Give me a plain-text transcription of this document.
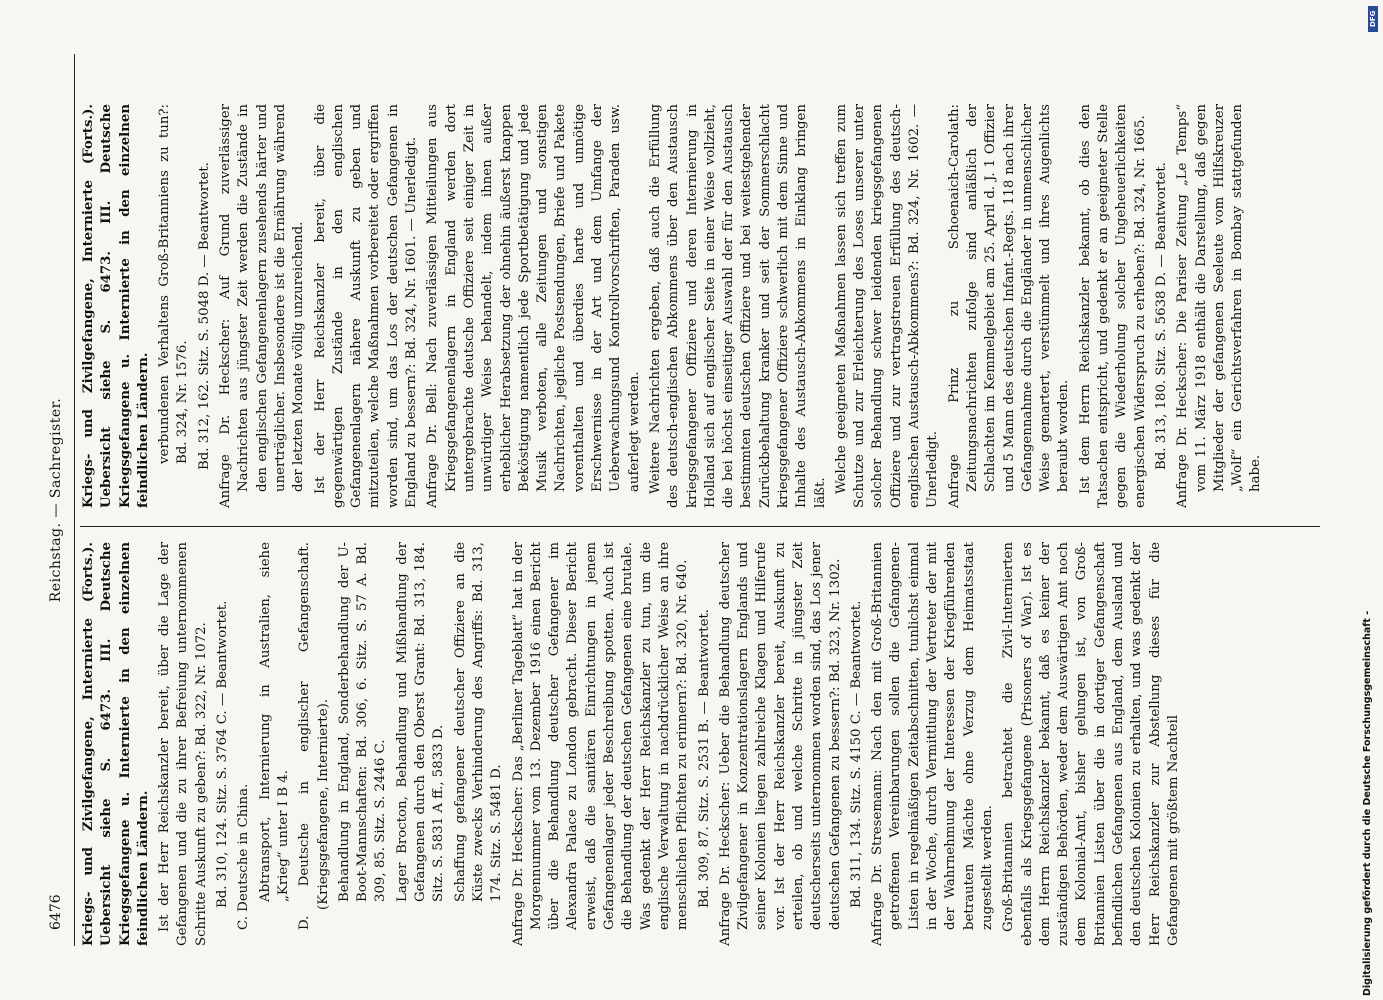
6476
Reichstag. — Sachregister.

Kriegs- und Zivilgefangene, Internierte (Forts.). Uebersicht siehe S. 6473. III. Deutsche Kriegsgefangene u. Internierte in den einzelnen feindlichen Ländern. Ist der Herr Reichskanzler bereit, über die Lage der Gefangenen und die zu ihrer Befreiung unternommenen Schritte Auskunft zu geben?: Bd. 322, Nr. 1072. Bd. 310, 124. Sitz. S. 3764 C. — Beantwortet. C. Deutsche in China. Abtransport, Internierung in Australien, siehe „Krieg“ unter I B 4. D. Deutsche in englischer Gefangenschaft. (Kriegsgefangene, Internierte). Behandlung in England, Sonderbehandlung der U-Boot-Mannschaften: Bd. 306, 6. Sitz. S. 57 A. Bd. 309, 85. Sitz. S. 2446 C. Lager Brocton, Behandlung und Mißhandlung der Gefangenen durch den Oberst Grant: Bd. 313, 184. Sitz. S. 5831 A ff., 5833 D. Schaffung gefangener deutscher Offiziere an die Küste zwecks Verhinderung des Angriffs: Bd. 313, 174. Sitz. S. 5481 D. Anfrage Dr. Heckscher: Das „Berliner Tageblatt“ hat in der Morgennummer vom 13. Dezember 1916 einen Bericht über die Behandlung deutscher Gefangener im Alexandra Palace zu London gebracht. Dieser Bericht erweist, daß die sanitären Einrichtungen in jenem Gefangenenlager jeder Beschreibung spotten. Auch ist die Behandlung der deutschen Gefangenen eine brutale. Was gedenkt der Herr Reichskanzler zu tun, um die englische Verwaltung in nachdrücklicher Weise an ihre menschlichen Pflichten zu erinnern?: Bd. 320, Nr. 640. Bd. 309, 87. Sitz. S. 2531 B. — Beantwortet. Anfrage Dr. Heckscher: Ueber die Behandlung deutscher Zivilgefangener in Konzentrationslagern Englands und seiner Kolonien liegen zahlreiche Klagen und Hilferufe vor. Ist der Herr Reichskanzler bereit, Auskunft zu erteilen, ob und welche Schritte in jüngster Zeit deutscherseits unternommen worden sind, das Los jener deutschen Gefangenen zu bessern?: Bd. 323, Nr. 1302. Bd. 311, 134. Sitz. S. 4150 C. — Beantwortet. Anfrage Dr. Stresemann: Nach den mit Groß-Britannien getroffenen Vereinbarungen sollen die Gefangenen-Listen in regelmäßigen Zeitabschnitten, tunlichst einmal in der Woche, durch Vermittlung der Vertreter der mit der Wahrnehmung der Interessen der Kriegführenden betrauten Mächte ohne Verzug dem Heimatsstaat zugestellt werden. Groß-Britannien betrachtet die Zivil-Internierten ebenfalls als Kriegsgefangene (Prisoners of War). Ist es dem Herrn Reichskanzler bekannt, daß es keiner der zuständigen Behörden, weder dem Auswärtigen Amt noch dem Kolonial-Amt, bisher gelungen ist, von Groß-Britannien Listen über die in dortiger Gefangenschaft befindlichen Gefangenen aus England, dem Ausland und den deutschen Kolonien zu erhalten, und was gedenkt der Herr Reichskanzler zur Abstellung dieses für die Gefangenen mit größtem Nachteil

Kriegs- und Zivilgefangene, Internierte (Forts.). Uebersicht siehe S. 6473. III. Deutsche Kriegsgefangene u. Internierte in den einzelnen feindlichen Ländern. verbundenen Verhaltens Groß-Britanniens zu tun?: Bd. 324, Nr. 1576. Bd. 312, 162. Sitz. S. 5048 D. — Beantwortet. Anfrage Dr. Heckscher: Auf Grund zuverlässiger Nachrichten aus jüngster Zeit werden die Zustände in den englischen Gefangenenlagern zusehends härter und unerträglicher. Insbesondere ist die Ernährung während der letzten Monate völlig unzureichend. Ist der Herr Reichskanzler bereit, über die gegenwärtigen Zustände in den englischen Gefangenenlagern nähere Auskunft zu geben und mitzuteilen, welche Maßnahmen vorbereitet oder ergriffen worden sind, um das Los der deutschen Gefangenen in England zu bessern?: Bd. 324, Nr. 1601. — Unerledigt. Anfrage Dr. Bell: Nach zuverlässigen Mitteilungen aus Kriegsgefangenenlagern in England werden dort untergebrachte deutsche Offiziere seit einiger Zeit in unwürdiger Weise behandelt, indem ihnen außer erheblicher Herabsetzung der ohnehin äußerst knappen Beköstigung namentlich jede Sportbetätigung und jede Musik verboten, alle Zeitungen und sonstigen Nachrichten, jegliche Postsendungen, Briefe und Pakete vorenthalten und überdies harte und unnötige Erschwernisse in der Art und dem Umfange der Ueberwachungsund Kontrollvorschriften, Paraden usw. auferlegt werden. Weitere Nachrichten ergeben, daß auch die Erfüllung des deutsch-englischen Abkommens über den Austausch kriegsgefangener Offiziere und deren Internierung in Holland sich auf englischer Seite in einer Weise vollzieht, die bei höchst einseitiger Auswahl der für den Austausch bestimmten deutschen Offiziere und bei weitestgehender Zurückbehaltung kranker und seit der Sommerschlacht kriegsgefangener Offiziere schwerlich mit dem Sinne und Inhalte des Austausch-Abkommens in Einklang bringen läßt. Welche geeigneten Maßnahmen lassen sich treffen zum Schutze und zur Erleichterung des Loses unserer unter solcher Behandlung schwer leidenden kriegsgefangenen Offiziere und zur vertragstreuen Erfüllung des deutsch-englischen Austausch-Abkommens?: Bd. 324, Nr. 1602. — Unerledigt. Anfrage Prinz zu Schoenaich-Carolath: Zeitungsnachrichten zufolge sind anläßlich der Schlachten im Kemmelgebiet am 25. April d. J. 1 Offizier und 5 Mann des deutschen Infant.-Regts. 118 nach ihrer Gefangennahme durch die Engländer in unmenschlicher Weise gemartert, verstümmelt und ihres Augenlichts beraubt worden. Ist dem Herrn Reichskanzler bekannt, ob dies den Tatsachen entspricht, und gedenkt er an geeigneter Stelle gegen die Wiederholung solcher Ungeheuerlichkeiten energischen Widerspruch zu erheben?: Bd. 324, Nr. 1665. Bd. 313, 180. Sitz. S. 5638 D. — Beantwortet. Anfrage Dr. Heckscher: Die Pariser Zeitung „Le Temps“ vom 11. März 1918 enthält die Darstellung, daß gegen Mitglieder der gefangenen Seeleute vom Hilfskreuzer „Wolf“ ein Gerichtsverfahren in Bombay stattgefunden habe.

Digitalisierung gefördert durch die Deutsche Forschungsgemeinschaft -
DFG
